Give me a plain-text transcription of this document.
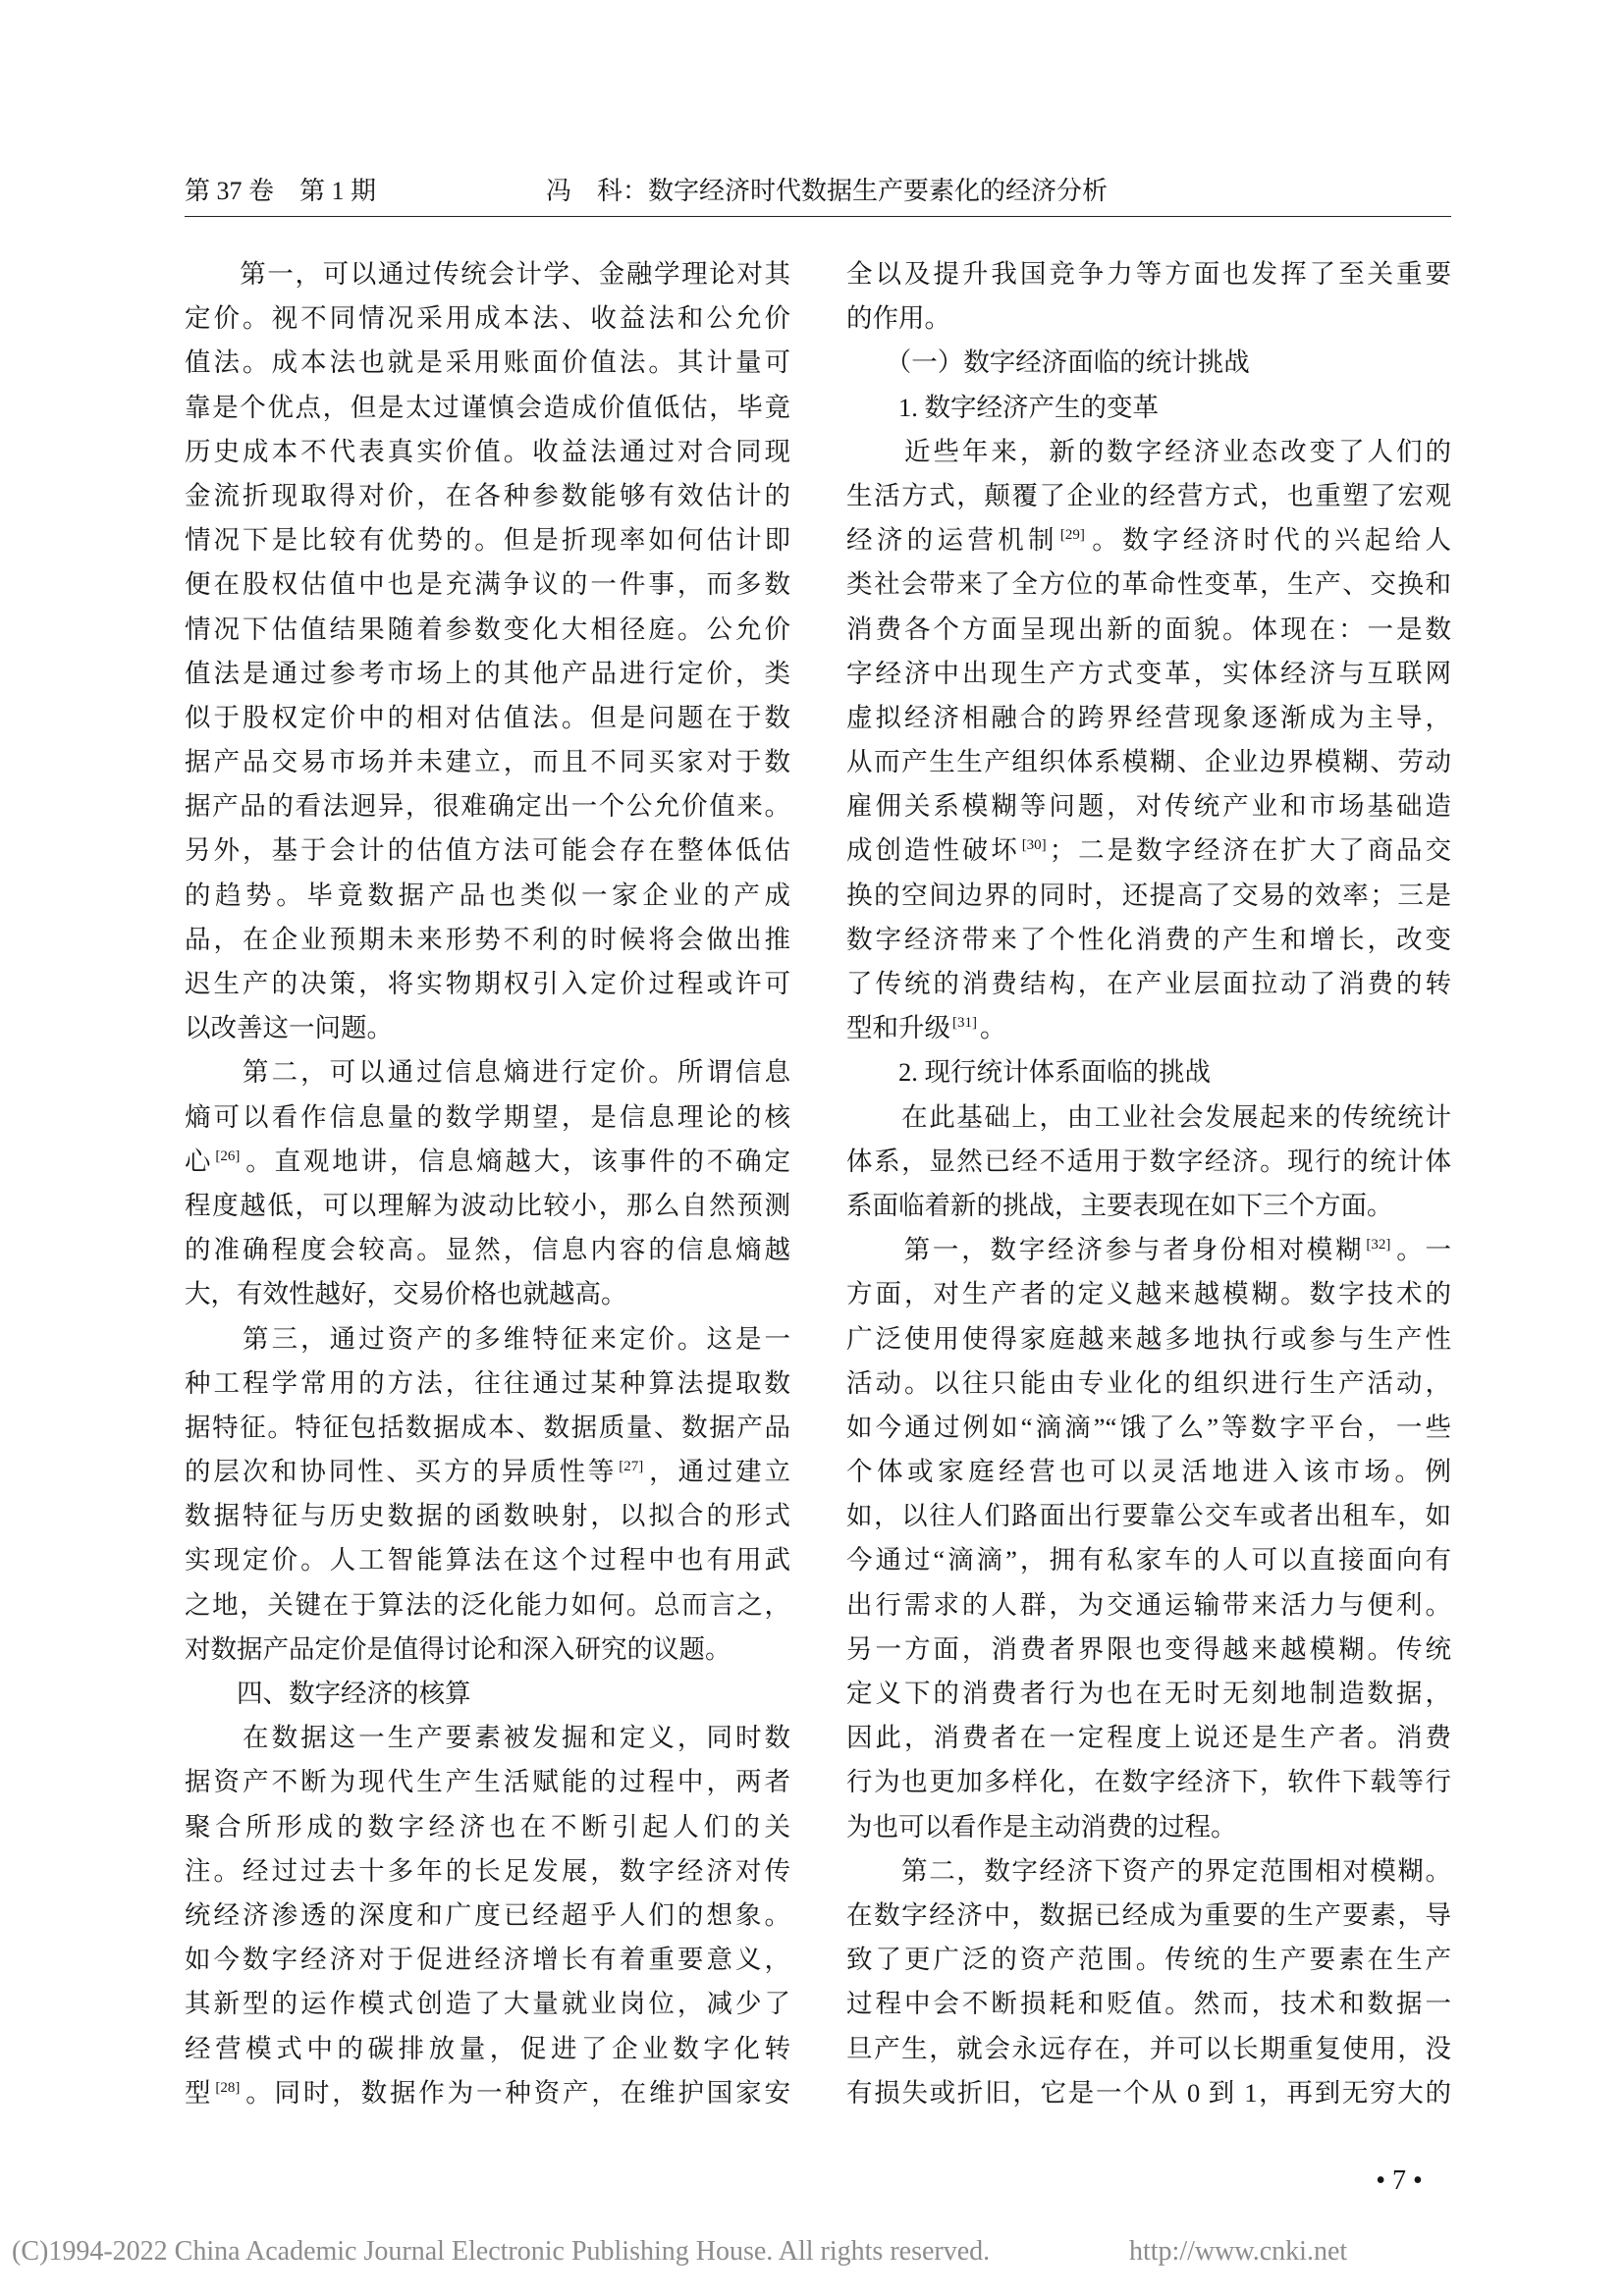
第 37 卷　第 1 期	冯　科：数字经济时代数据生产要素化的经济分析
　　第一，可以通过传统会计学、金融学理论对其
定价。视不同情况采用成本法、收益法和公允价
值法。成本法也就是采用账面价值法。其计量可
靠是个优点，但是太过谨慎会造成价值低估，毕竟
历史成本不代表真实价值。收益法通过对合同现
金流折现取得对价，在各种参数能够有效估计的
情况下是比较有优势的。但是折现率如何估计即
便在股权估值中也是充满争议的一件事，而多数
情况下估值结果随着参数变化大相径庭。公允价
值法是通过参考市场上的其他产品进行定价，类
似于股权定价中的相对估值法。但是问题在于数
据产品交易市场并未建立，而且不同买家对于数
据产品的看法迥异，很难确定出一个公允价值来。
另外，基于会计的估值方法可能会存在整体低估
的趋势。毕竟数据产品也类似一家企业的产成
品，在企业预期未来形势不利的时候将会做出推
迟生产的决策，将实物期权引入定价过程或许可
以改善这一问题。
　　第二，可以通过信息熵进行定价。所谓信息
熵可以看作信息量的数学期望，是信息理论的核
心 [26] 。直观地讲，信息熵越大，该事件的不确定
程度越低，可以理解为波动比较小，那么自然预测
的准确程度会较高。显然，信息内容的信息熵越
大，有效性越好，交易价格也就越高。
　　第三，通过资产的多维特征来定价。这是一
种工程学常用的方法，往往通过某种算法提取数
据特征。特征包括数据成本、数据质量、数据产品
的层次和协同性、买方的异质性等 [27] ，通过建立
数据特征与历史数据的函数映射，以拟合的形式
实现定价。人工智能算法在这个过程中也有用武
之地，关键在于算法的泛化能力如何。总而言之，
对数据产品定价是值得讨论和深入研究的议题。
　　四、数字经济的核算
　　在数据这一生产要素被发掘和定义，同时数
据资产不断为现代生产生活赋能的过程中，两者
聚合所形成的数字经济也在不断引起人们的关
注。经过过去十多年的长足发展，数字经济对传
统经济渗透的深度和广度已经超乎人们的想象。
如今数字经济对于促进经济增长有着重要意义，
其新型的运作模式创造了大量就业岗位，减少了
经营模式中的碳排放量，促进了企业数字化转
型 [28] 。同时，数据作为一种资产，在维护国家安
全以及提升我国竞争力等方面也发挥了至关重要
的作用。
　　（一）数字经济面临的统计挑战
　　1. 数字经济产生的变革
　　近些年来，新的数字经济业态改变了人们的
生活方式，颠覆了企业的经营方式，也重塑了宏观
经济的运营机制 [29] 。数字经济时代的兴起给人
类社会带来了全方位的革命性变革，生产、交换和
消费各个方面呈现出新的面貌。体现在：一是数
字经济中出现生产方式变革，实体经济与互联网
虚拟经济相融合的跨界经营现象逐渐成为主导，
从而产生生产组织体系模糊、企业边界模糊、劳动
雇佣关系模糊等问题，对传统产业和市场基础造
成创造性破坏 [30] ；二是数字经济在扩大了商品交
换的空间边界的同时，还提高了交易的效率；三是
数字经济带来了个性化消费的产生和增长，改变
了传统的消费结构，在产业层面拉动了消费的转
型和升级 [31] 。
　　2. 现行统计体系面临的挑战
　　在此基础上，由工业社会发展起来的传统统计
体系，显然已经不适用于数字经济。现行的统计体
系面临着新的挑战，主要表现在如下三个方面。
　　第一，数字经济参与者身份相对模糊 [32] 。一
方面，对生产者的定义越来越模糊。数字技术的
广泛使用使得家庭越来越多地执行或参与生产性
活动。以往只能由专业化的组织进行生产活动，
如今通过例如“滴滴”“饿了么”等数字平台，一些
个体或家庭经营也可以灵活地进入该市场。例
如，以往人们路面出行要靠公交车或者出租车，如
今通过“滴滴”，拥有私家车的人可以直接面向有
出行需求的人群，为交通运输带来活力与便利。
另一方面，消费者界限也变得越来越模糊。传统
定义下的消费者行为也在无时无刻地制造数据，
因此，消费者在一定程度上说还是生产者。消费
行为也更加多样化，在数字经济下，软件下载等行
为也可以看作是主动消费的过程。
　　第二，数字经济下资产的界定范围相对模糊。
在数字经济中，数据已经成为重要的生产要素，导
致了更广泛的资产范围。传统的生产要素在生产
过程中会不断损耗和贬值。然而，技术和数据一
旦产生，就会永远存在，并可以长期重复使用，没
有损失或折旧，它是一个从 0 到 1，再到无穷大的
• 7 •
(C)1994-2022 China Academic Journal Electronic Publishing House. All rights reserved.	http://www.cnki.net
